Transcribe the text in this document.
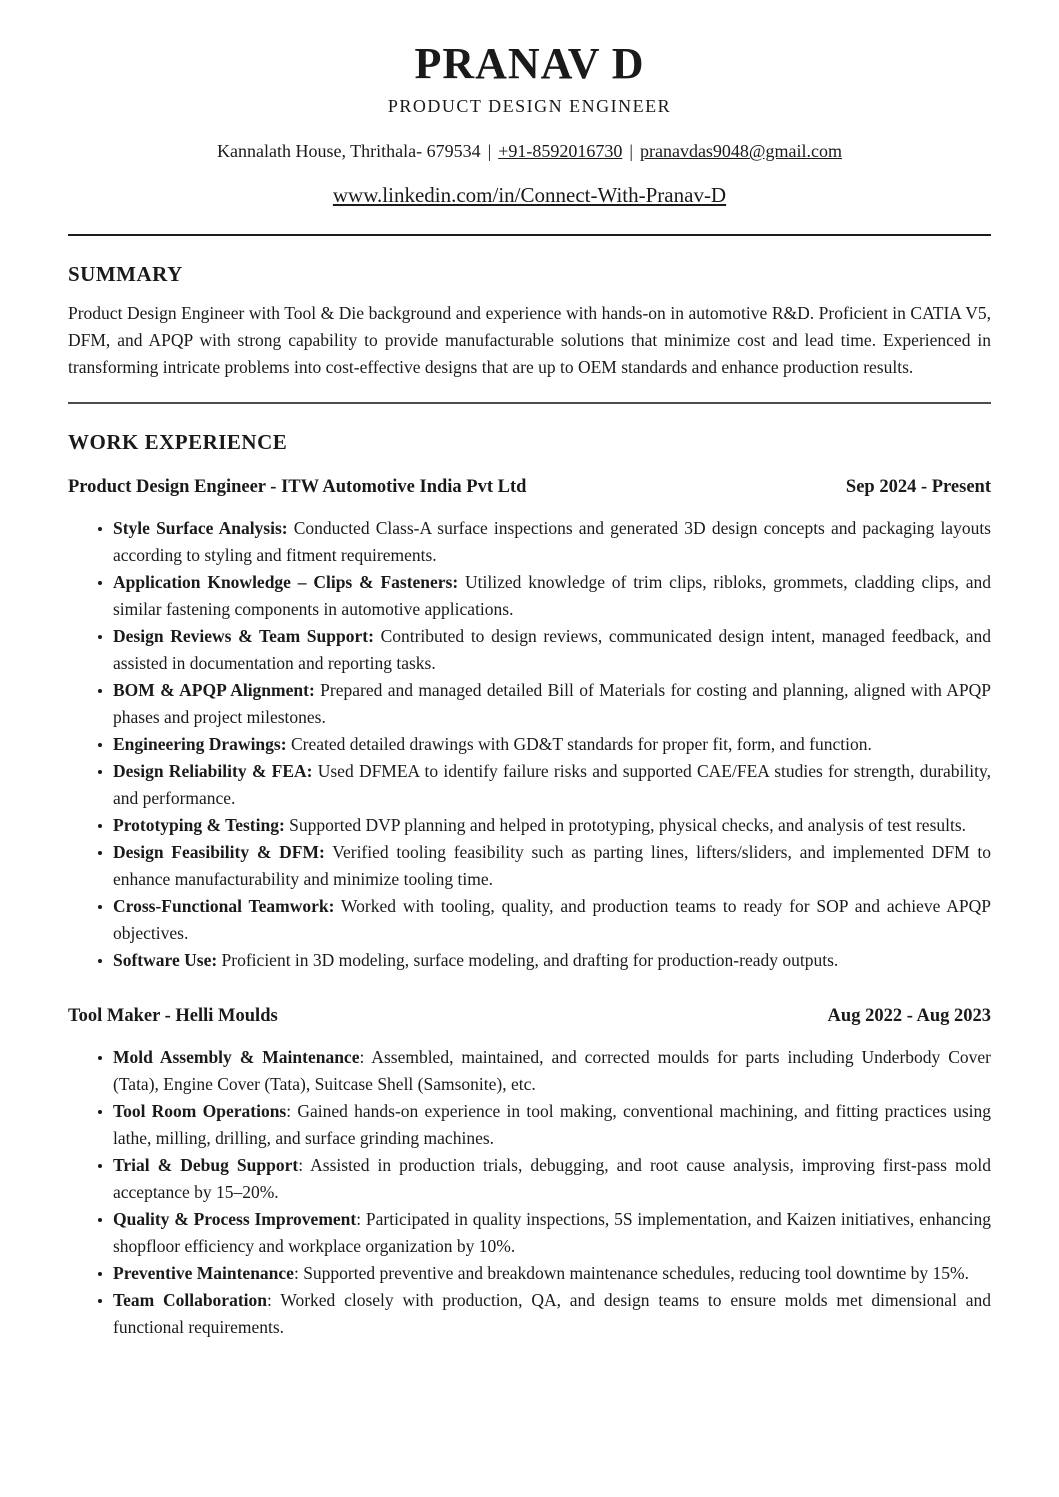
PRANAV D
PRODUCT DESIGN ENGINEER
Kannalath House, Thrithala- 679534 | +91-8592016730 | pranavdas9048@gmail.com
www.linkedin.com/in/Connect-With-Pranav-D
SUMMARY
Product Design Engineer with Tool & Die background and experience with hands-on in automotive R&D. Proficient in CATIA V5, DFM, and APQP with strong capability to provide manufacturable solutions that minimize cost and lead time. Experienced in transforming intricate problems into cost-effective designs that are up to OEM standards and enhance production results.
WORK EXPERIENCE
Product Design Engineer - ITW Automotive India Pvt Ltd	Sep 2024 - Present
Style Surface Analysis: Conducted Class-A surface inspections and generated 3D design concepts and packaging layouts according to styling and fitment requirements.
Application Knowledge – Clips & Fasteners: Utilized knowledge of trim clips, ribloks, grommets, cladding clips, and similar fastening components in automotive applications.
Design Reviews & Team Support: Contributed to design reviews, communicated design intent, managed feedback, and assisted in documentation and reporting tasks.
BOM & APQP Alignment: Prepared and managed detailed Bill of Materials for costing and planning, aligned with APQP phases and project milestones.
Engineering Drawings: Created detailed drawings with GD&T standards for proper fit, form, and function.
Design Reliability & FEA: Used DFMEA to identify failure risks and supported CAE/FEA studies for strength, durability, and performance.
Prototyping & Testing: Supported DVP planning and helped in prototyping, physical checks, and analysis of test results.
Design Feasibility & DFM: Verified tooling feasibility such as parting lines, lifters/sliders, and implemented DFM to enhance manufacturability and minimize tooling time.
Cross-Functional Teamwork: Worked with tooling, quality, and production teams to ready for SOP and achieve APQP objectives.
Software Use: Proficient in 3D modeling, surface modeling, and drafting for production-ready outputs.
Tool Maker - Helli Moulds	Aug 2022 - Aug 2023
Mold Assembly & Maintenance: Assembled, maintained, and corrected moulds for parts including Underbody Cover (Tata), Engine Cover (Tata), Suitcase Shell (Samsonite), etc.
Tool Room Operations: Gained hands-on experience in tool making, conventional machining, and fitting practices using lathe, milling, drilling, and surface grinding machines.
Trial & Debug Support: Assisted in production trials, debugging, and root cause analysis, improving first-pass mold acceptance by 15–20%.
Quality & Process Improvement: Participated in quality inspections, 5S implementation, and Kaizen initiatives, enhancing shopfloor efficiency and workplace organization by 10%.
Preventive Maintenance: Supported preventive and breakdown maintenance schedules, reducing tool downtime by 15%.
Team Collaboration: Worked closely with production, QA, and design teams to ensure molds met dimensional and functional requirements.
